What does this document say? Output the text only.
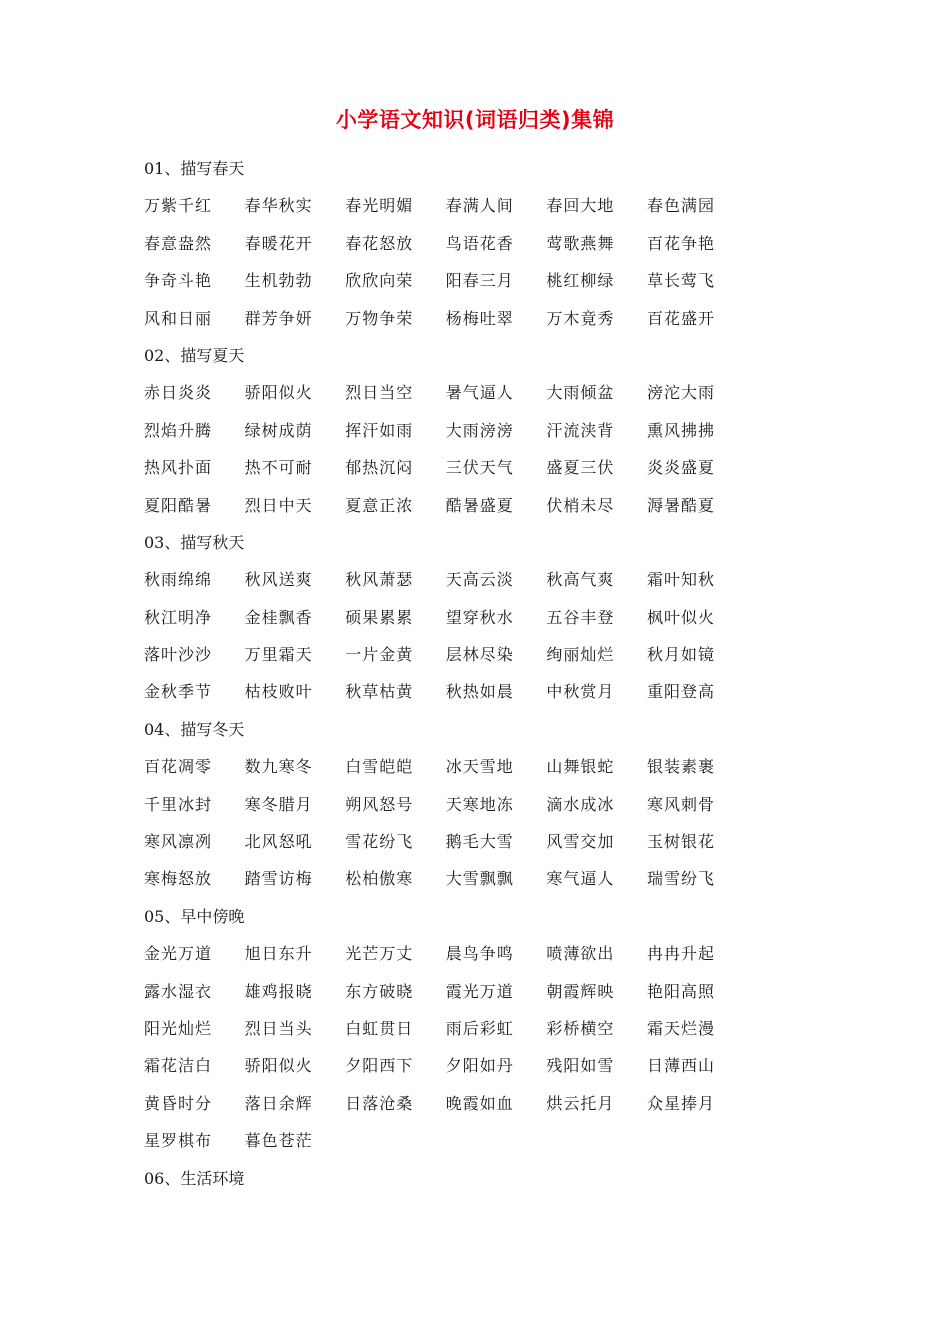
小学语文知识(词语归类)集锦
01、描写春天
万紫千红	春华秋实	春光明媚	春满人间	春回大地	春色满园
春意盎然	春暖花开	春花怒放	鸟语花香	莺歌燕舞	百花争艳
争奇斗艳	生机勃勃	欣欣向荣	阳春三月	桃红柳绿	草长莺飞
风和日丽	群芳争妍	万物争荣	杨梅吐翠	万木竟秀	百花盛开
02、描写夏天
赤日炎炎	骄阳似火	烈日当空	暑气逼人	大雨倾盆	滂沱大雨
烈焰升腾	绿树成荫	挥汗如雨	大雨滂滂	汗流浃背	熏风拂拂
热风扑面	热不可耐	郁热沉闷	三伏天气	盛夏三伏	炎炎盛夏
夏阳酷暑	烈日中天	夏意正浓	酷暑盛夏	伏梢未尽	溽暑酷夏
03、描写秋天
秋雨绵绵	秋风送爽	秋风萧瑟	天高云淡	秋高气爽	霜叶知秋
秋江明净	金桂飘香	硕果累累	望穿秋水	五谷丰登	枫叶似火
落叶沙沙	万里霜天	一片金黄	层林尽染	绚丽灿烂	秋月如镜
金秋季节	枯枝败叶	秋草枯黄	秋热如晨	中秋赏月	重阳登高
04、描写冬天
百花凋零	数九寒冬	白雪皑皑	冰天雪地	山舞银蛇	银装素裹
千里冰封	寒冬腊月	朔风怒号	天寒地冻	滴水成冰	寒风刺骨
寒风凛冽	北风怒吼	雪花纷飞	鹅毛大雪	风雪交加	玉树银花
寒梅怒放	踏雪访梅	松柏傲寒	大雪飘飘	寒气逼人	瑞雪纷飞
05、早中傍晚
金光万道	旭日东升	光芒万丈	晨鸟争鸣	喷薄欲出	冉冉升起
露水湿衣	雄鸡报晓	东方破晓	霞光万道	朝霞辉映	艳阳高照
阳光灿烂	烈日当头	白虹贯日	雨后彩虹	彩桥横空	霜天烂漫
霜花洁白	骄阳似火	夕阳西下	夕阳如丹	残阳如雪	日薄西山
黄昏时分	落日余辉	日落沧桑	晚霞如血	烘云托月	众星捧月
星罗棋布	暮色苍茫
06、生活环境
